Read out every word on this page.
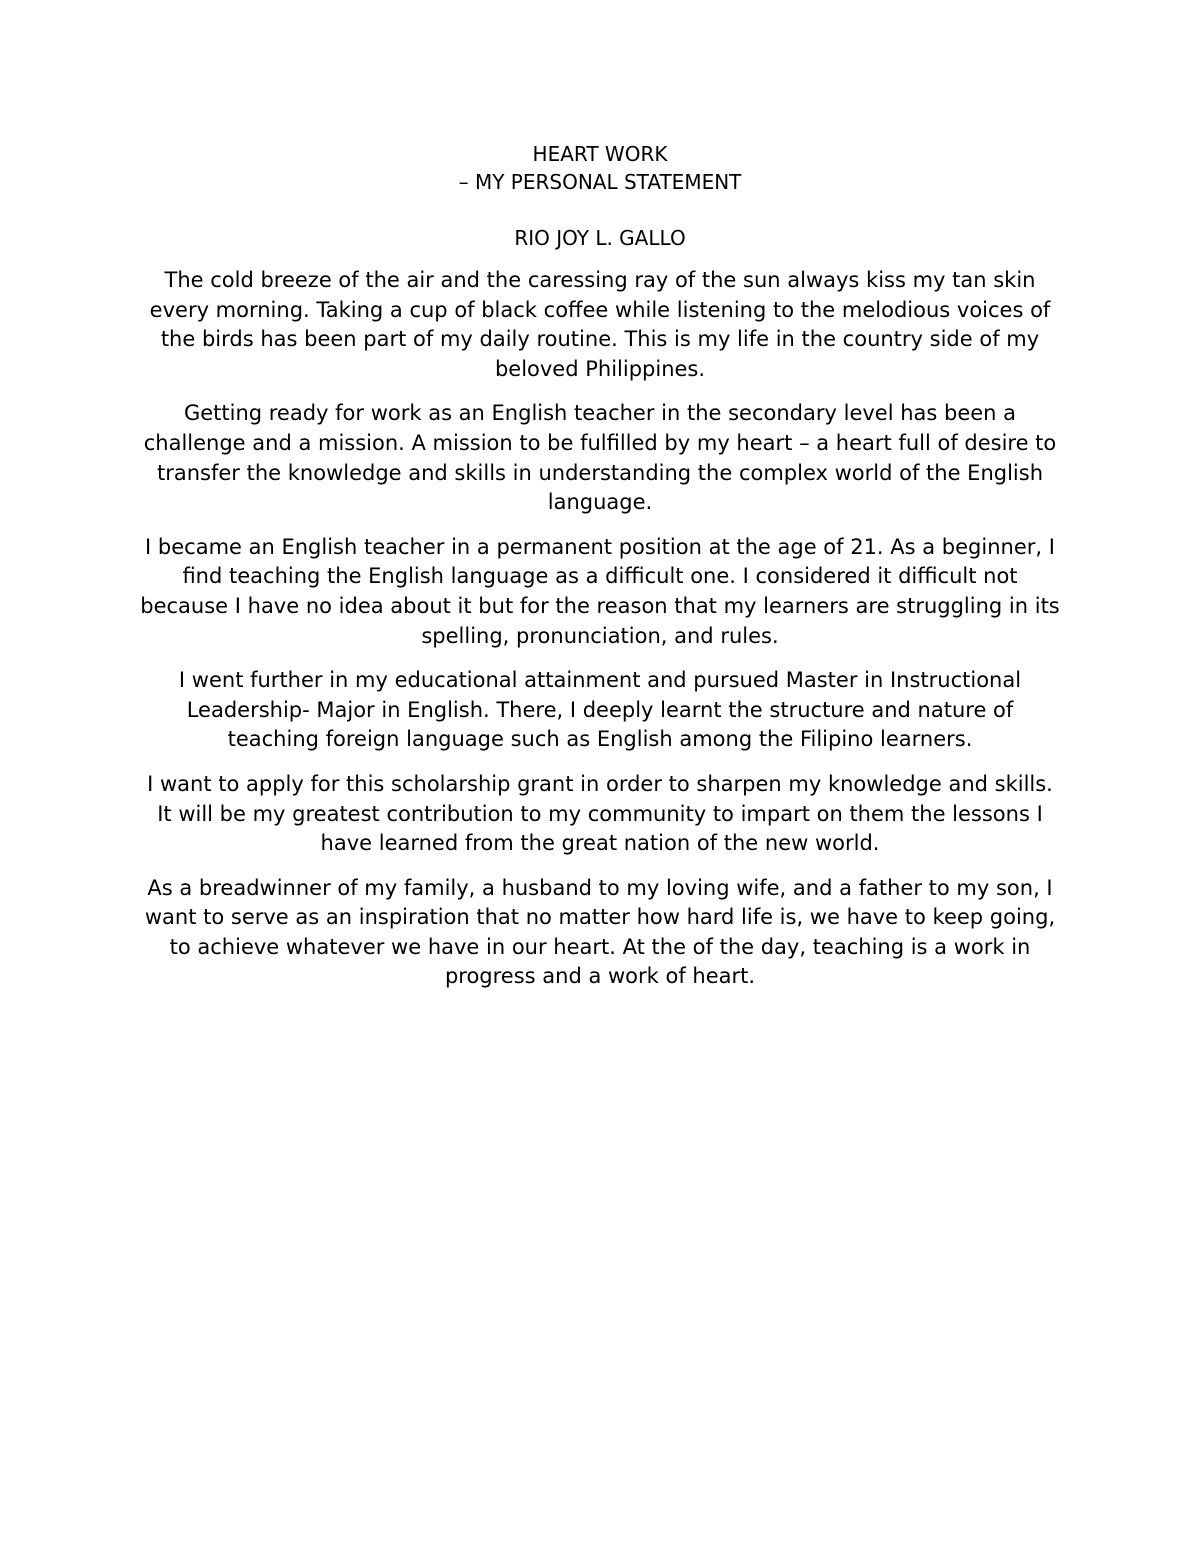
HEART WORK

– MY PERSONAL STATEMENT

RIO JOY L. GALLO

The cold breeze of the air and the caressing ray of the sun always kiss my tan skin every morning. Taking a cup of black coffee while listening to the melodious voices of the birds has been part of my daily routine. This is my life in the country side of my beloved Philippines.

Getting ready for work as an English teacher in the secondary level has been a challenge and a mission. A mission to be fulfilled by my heart – a heart full of desire to transfer the knowledge and skills in understanding the complex world of the English language.

I became an English teacher in a permanent position at the age of 21. As a beginner, I find teaching the English language as a difficult one. I considered it difficult not because I have no idea about it but for the reason that my learners are struggling in its spelling, pronunciation, and rules.

I went further in my educational attainment and pursued Master in Instructional Leadership- Major in English. There, I deeply learnt the structure and nature of teaching foreign language such as English among the Filipino learners.

I want to apply for this scholarship grant in order to sharpen my knowledge and skills. It will be my greatest contribution to my community to impart on them the lessons I have learned from the great nation of the new world.

As a breadwinner of my family, a husband to my loving wife, and a father to my son, I want to serve as an inspiration that no matter how hard life is, we have to keep going, to achieve whatever we have in our heart. At the of the day, teaching is a work in progress and a work of heart.
